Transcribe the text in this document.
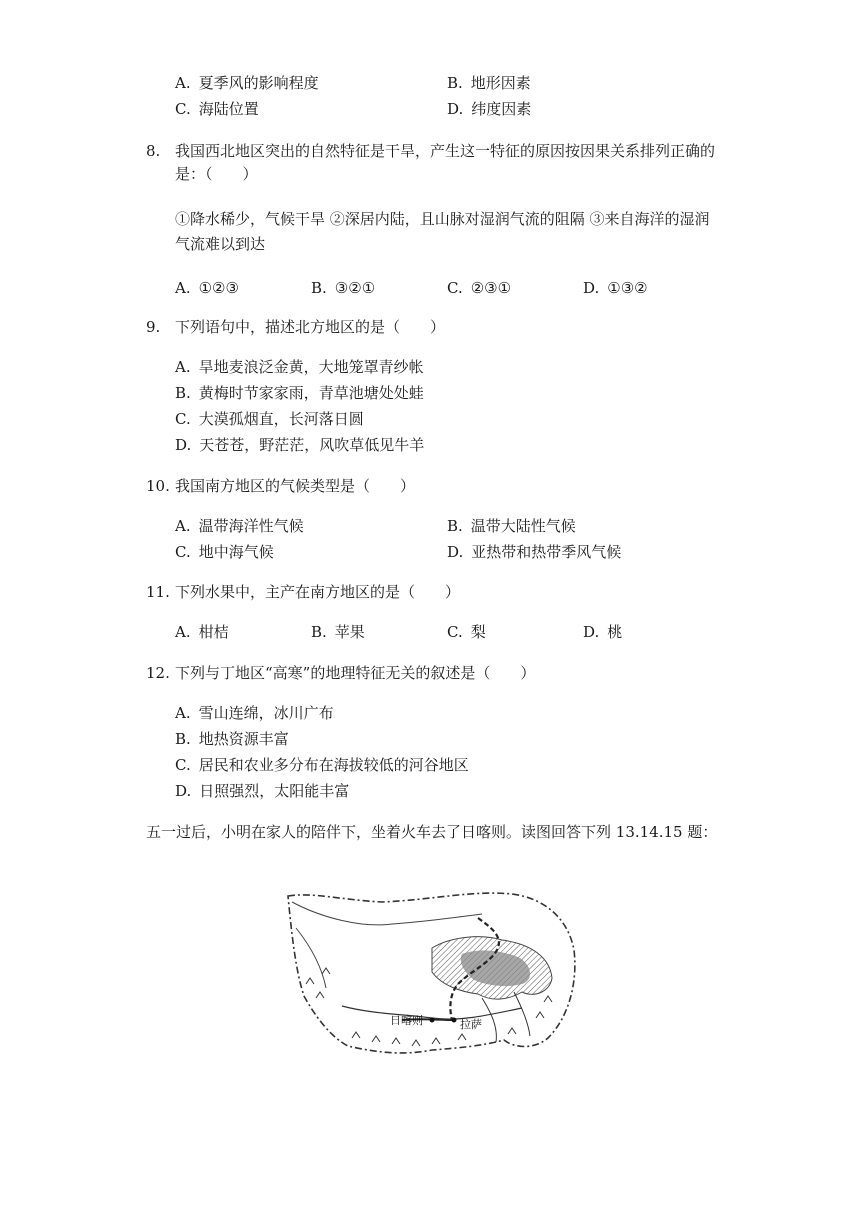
A. 夏季风的影响程度	B. 地形因素
C. 海陆位置	D. 纬度因素
8. 我国西北地区突出的自然特征是干旱，产生这一特征的原因按因果关系排列正确的
是：（　　）
①降水稀少，气候干旱 ②深居内陆，且山脉对湿润气流的阻隔 ③来自海洋的湿润
气流难以到达
A. ①②③	B. ③②①	C. ②③①	D. ①③②
9. 下列语句中，描述北方地区的是（　　）
A. 旱地麦浪泛金黄，大地笼罩青纱帐
B. 黄梅时节家家雨，青草池塘处处蛙
C. 大漠孤烟直，长河落日圆
D. 天苍苍，野茫茫，风吹草低见牛羊
10. 我国南方地区的气候类型是（　　）
A. 温带海洋性气候	B. 温带大陆性气候
C. 地中海气候	D. 亚热带和热带季风气候
11. 下列水果中，主产在南方地区的是（　　）
A. 柑桔	B. 苹果	C. 梨	D. 桃
12. 下列与丁地区“高寒”的地理特征无关的叙述是（　　）
A. 雪山连绵，冰川广布
B. 地热资源丰富
C. 居民和农业多分布在海拔较低的河谷地区
D. 日照强烈，太阳能丰富
五一过后，小明在家人的陪伴下，坐着火车去了日喀则。读图回答下列 13.14.15 题：
日喀则	拉萨
